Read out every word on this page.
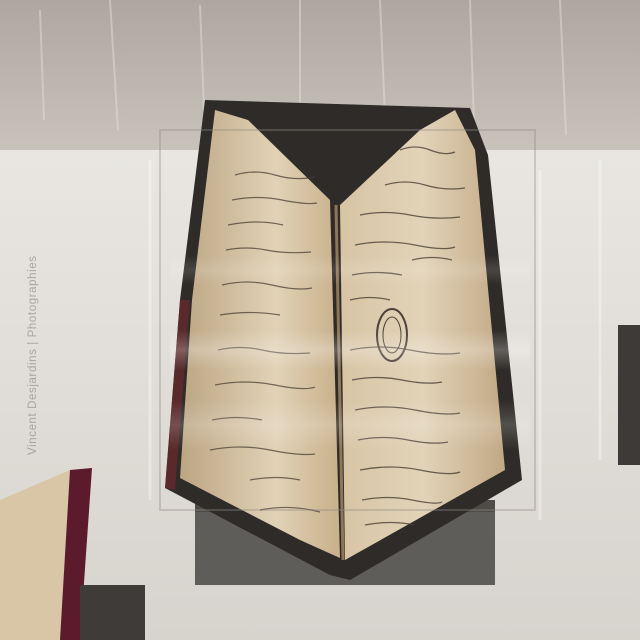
Vincent Desjardins | Photographies
